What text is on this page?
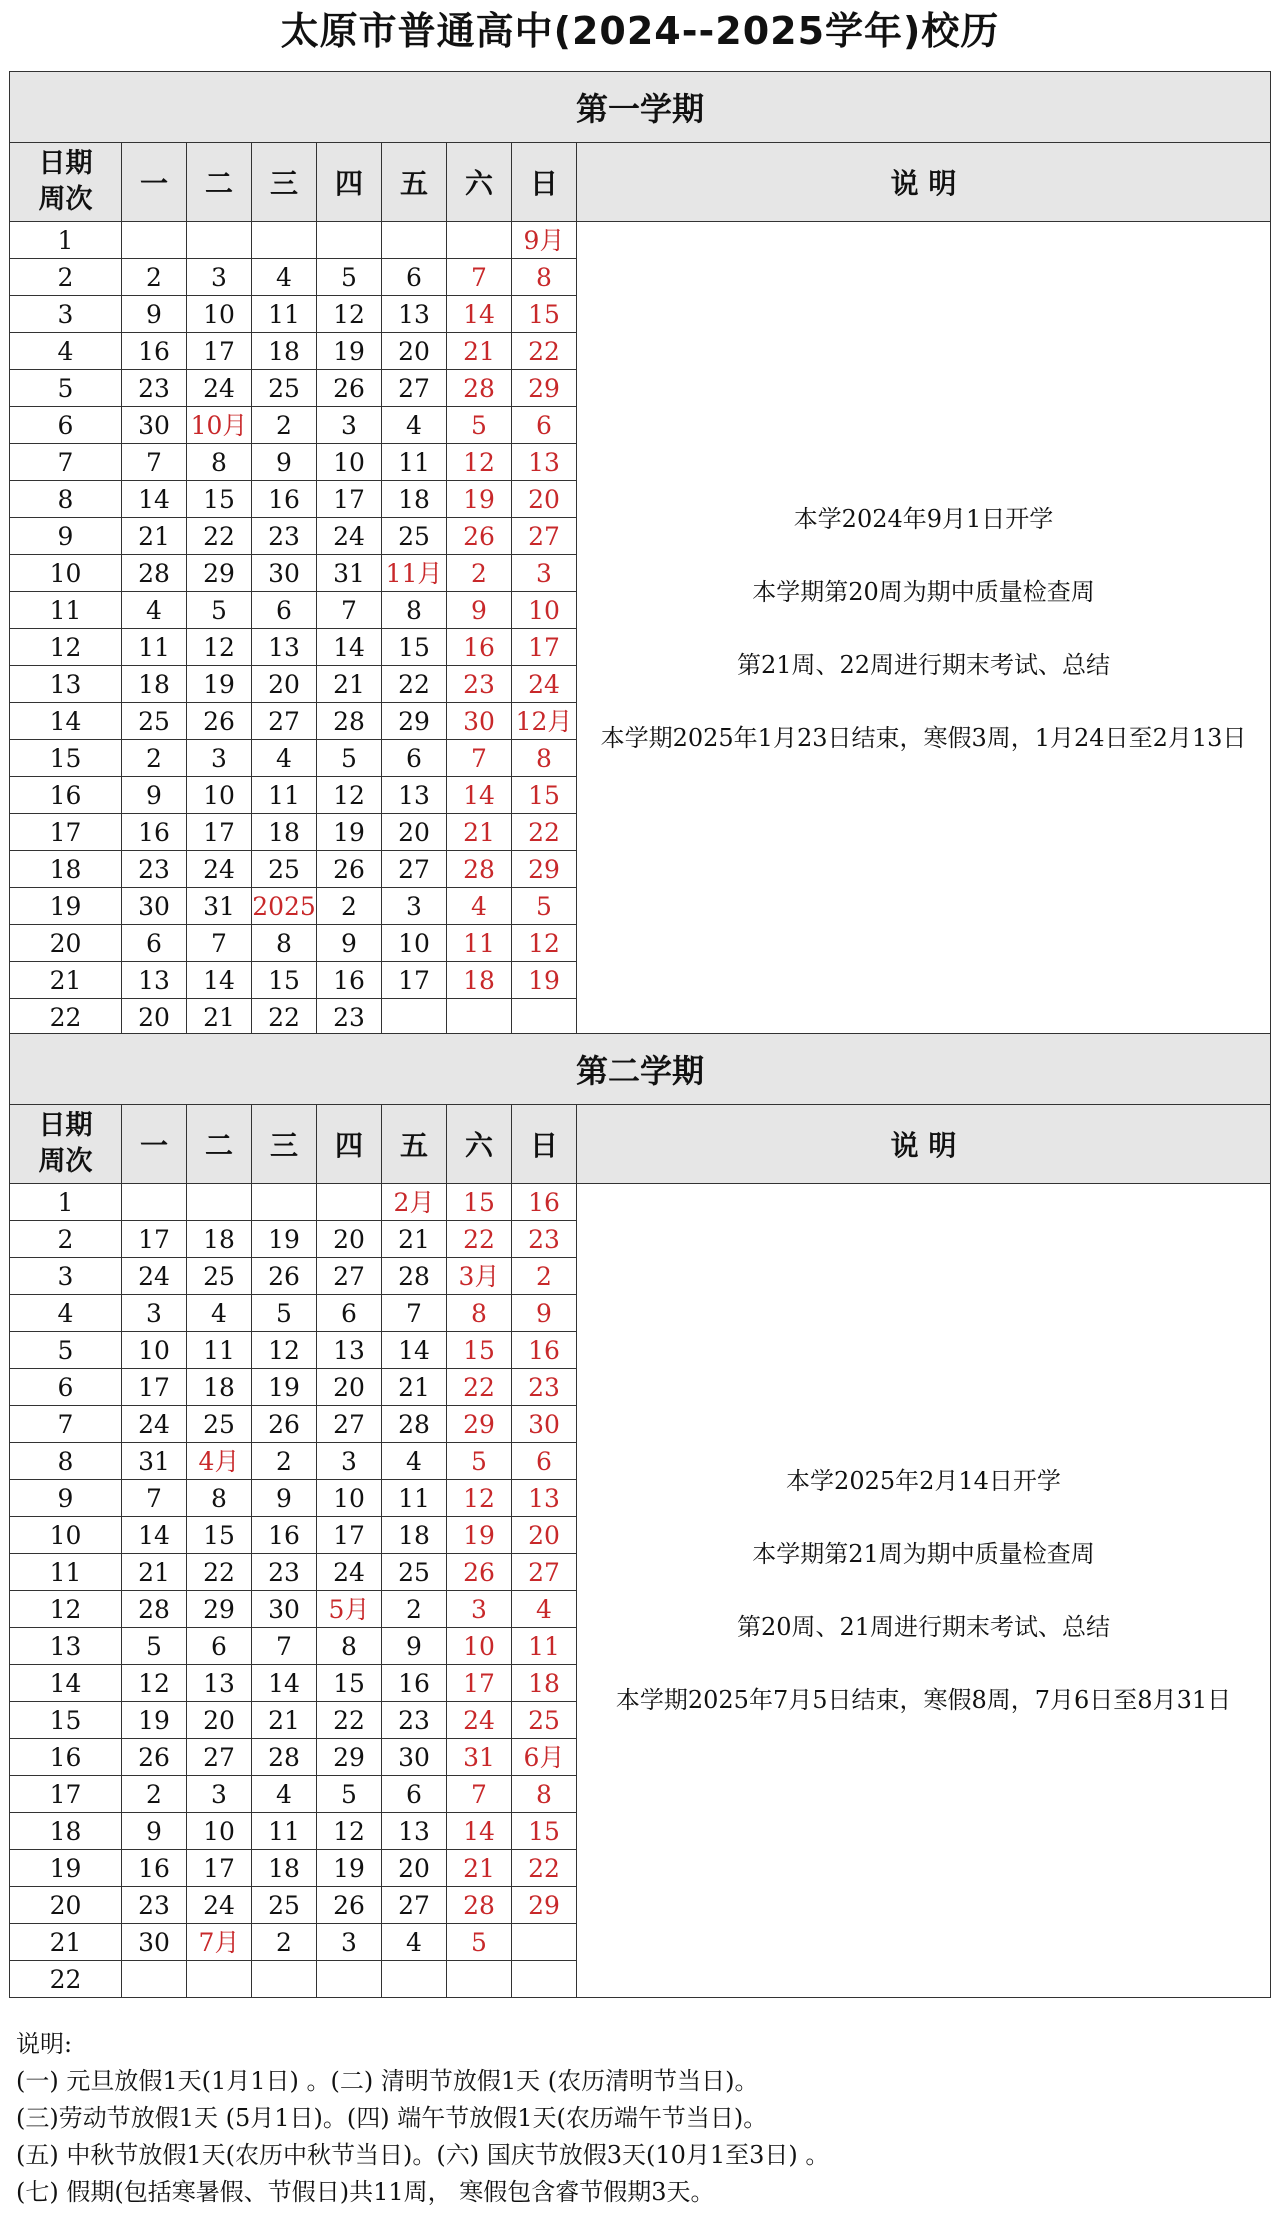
太原市普通高中(2024--2025学年)校历
第一学期								

日期
周次	一	二	三	四	五	六	日	说 明
1							9月	本学2024年9月1日开学

本学期第20周为期中质量检查周

第21周、22周进行期末考试、总结

本学期2025年1月23日结束，寒假3周，1月24日至2月13日

2	2	3	4	5	6	7	8	
3	9	10	11	12	13	14	15	
4	16	17	18	19	20	21	22	
5	23	24	25	26	27	28	29	
6	30	10月	2	3	4	5	6	
7	7	8	9	10	11	12	13	
8	14	15	16	17	18	19	20	
9	21	22	23	24	25	26	27	
10	28	29	30	31	11月	2	3	
11	4	5	6	7	8	9	10	
12	11	12	13	14	15	16	17	
13	18	19	20	21	22	23	24	
14	25	26	27	28	29	30	12月	
15	2	3	4	5	6	7	8	
16	9	10	11	12	13	14	15	
17	16	17	18	19	20	21	22	
18	23	24	25	26	27	28	29	
19	30	31	2025	2	3	4	5	
20	6	7	8	9	10	11	12	
21	13	14	15	16	17	18	19	
22	20	21	22	23				
第二学期								

日期
周次	一	二	三	四	五	六	日	说 明
1					2月	15	16	本学2025年2月14日开学

本学期第21周为期中质量检查周

第20周、21周进行期末考试、总结

本学期2025年7月5日结束，寒假8周，7月6日至8月31日

2	17	18	19	20	21	22	23	
3	24	25	26	27	28	3月	2	
4	3	4	5	6	7	8	9	
5	10	11	12	13	14	15	16	
6	17	18	19	20	21	22	23	
7	24	25	26	27	28	29	30	
8	31	4月	2	3	4	5	6	
9	7	8	9	10	11	12	13	
10	14	15	16	17	18	19	20	
11	21	22	23	24	25	26	27	
12	28	29	30	5月	2	3	4	
13	5	6	7	8	9	10	11	
14	12	13	14	15	16	17	18	
15	19	20	21	22	23	24	25	
16	26	27	28	29	30	31	6月	
17	2	3	4	5	6	7	8	
18	9	10	11	12	13	14	15	
19	16	17	18	19	20	21	22	
20	23	24	25	26	27	28	29	
21	30	7月	2	3	4	5		
22								
说明:
(一) 元旦放假1天(1月1日) 。(二) 清明节放假1天 (农历清明节当日)。
(三)劳动节放假1天 (5月1日)。(四) 端午节放假1天(农历端午节当日)。
(五) 中秋节放假1天(农历中秋节当日)。(六) 国庆节放假3天(10月1至3日) 。
(七) 假期(包括寒暑假、节假日)共11周， 寒假包含睿节假期3天。
